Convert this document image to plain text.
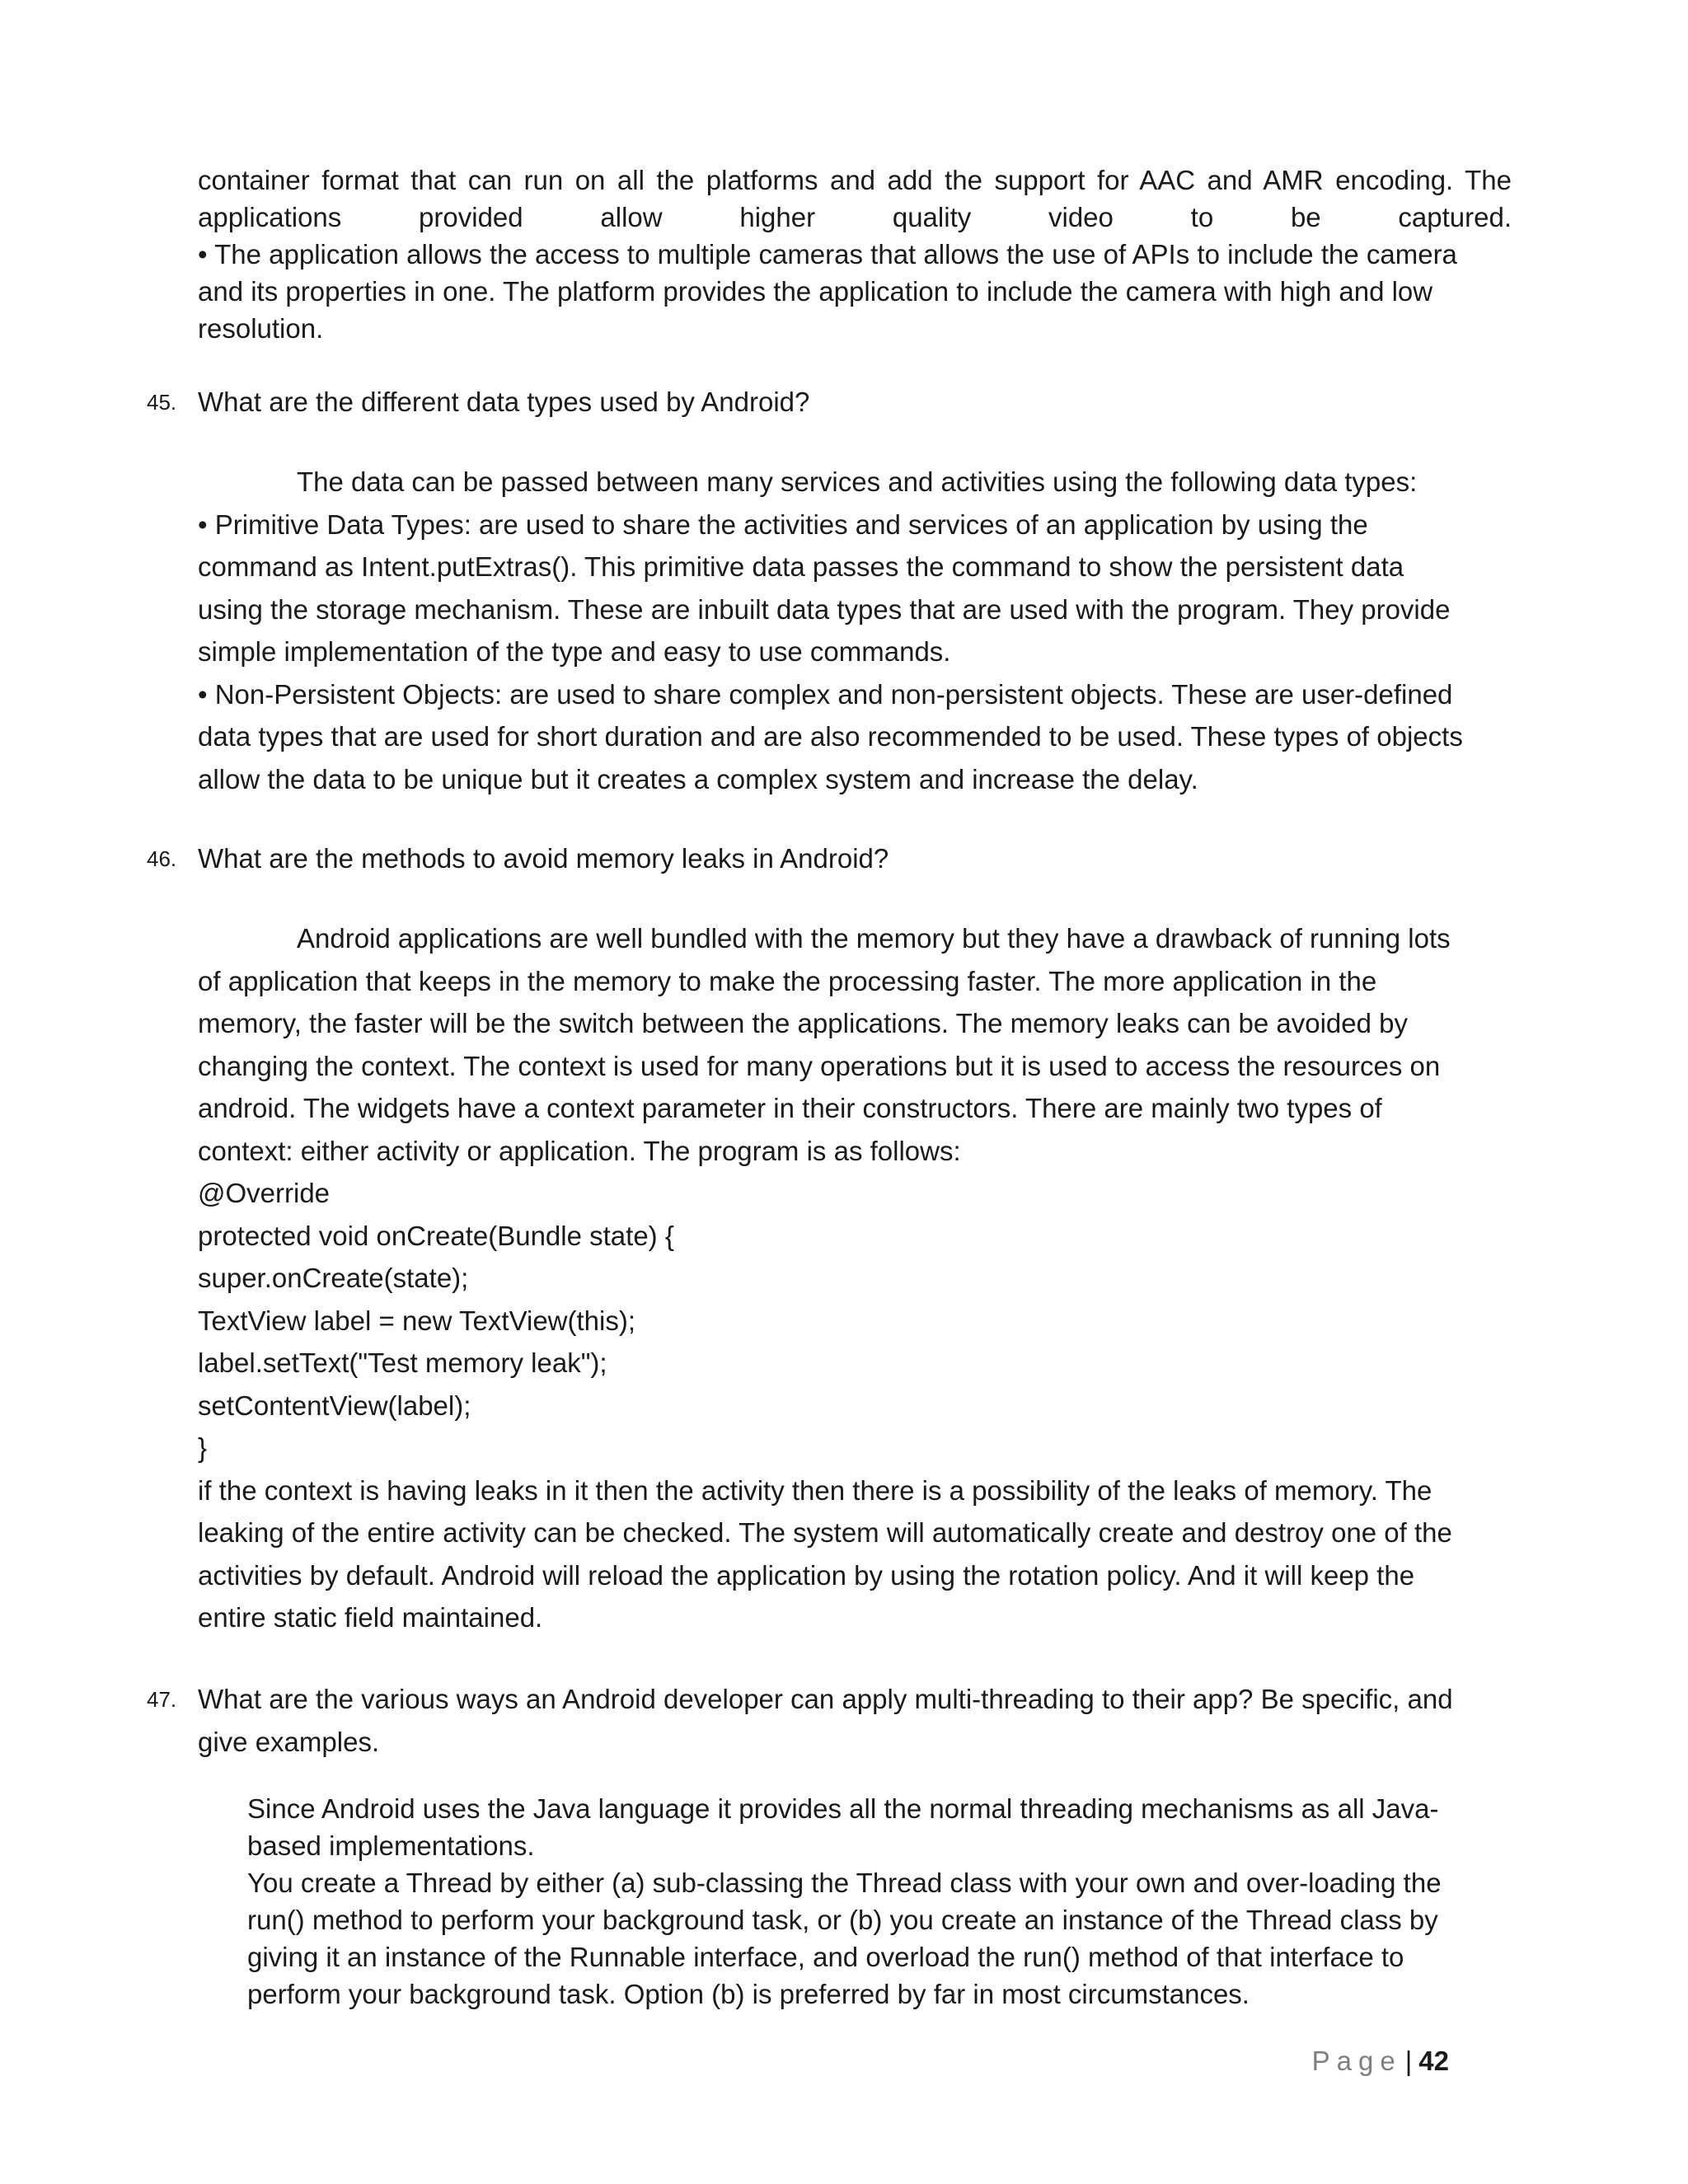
container format that can run on all the platforms and add the support for AAC and AMR encoding. The
applications provided allow higher quality video to be captured.
• The application allows the access to multiple cameras that allows the use of APIs to include the camera
and its properties in one. The platform provides the application to include the camera with high and low
resolution.
45. What are the different data types used by Android?
The data can be passed between many services and activities using the following data types:
• Primitive Data Types: are used to share the activities and services of an application by using the
command as Intent.putExtras(). This primitive data passes the command to show the persistent data
using the storage mechanism. These are inbuilt data types that are used with the program. They provide
simple implementation of the type and easy to use commands.
• Non-Persistent Objects: are used to share complex and non-persistent objects. These are user-defined
data types that are used for short duration and are also recommended to be used. These types of objects
allow the data to be unique but it creates a complex system and increase the delay.
46. What are the methods to avoid memory leaks in Android?
Android applications are well bundled with the memory but they have a drawback of running lots
of application that keeps in the memory to make the processing faster. The more application in the
memory, the faster will be the switch between the applications. The memory leaks can be avoided by
changing the context. The context is used for many operations but it is used to access the resources on
android. The widgets have a context parameter in their constructors. There are mainly two types of
context: either activity or application. The program is as follows:
@Override
protected void onCreate(Bundle state) {
super.onCreate(state);
TextView label = new TextView(this);
label.setText("Test memory leak");
setContentView(label);
}
if the context is having leaks in it then the activity then there is a possibility of the leaks of memory. The
leaking of the entire activity can be checked. The system will automatically create and destroy one of the
activities by default. Android will reload the application by using the rotation policy. And it will keep the
entire static field maintained.
47. What are the various ways an Android developer can apply multi-threading to their app? Be specific, and
give examples.
Since Android uses the Java language it provides all the normal threading mechanisms as all Java-
based implementations.
You create a Thread by either (a) sub-classing the Thread class with your own and over-loading the
run() method to perform your background task, or (b) you create an instance of the Thread class by
giving it an instance of the Runnable interface, and overload the run() method of that interface to
perform your background task. Option (b) is preferred by far in most circumstances.
Page | 42
